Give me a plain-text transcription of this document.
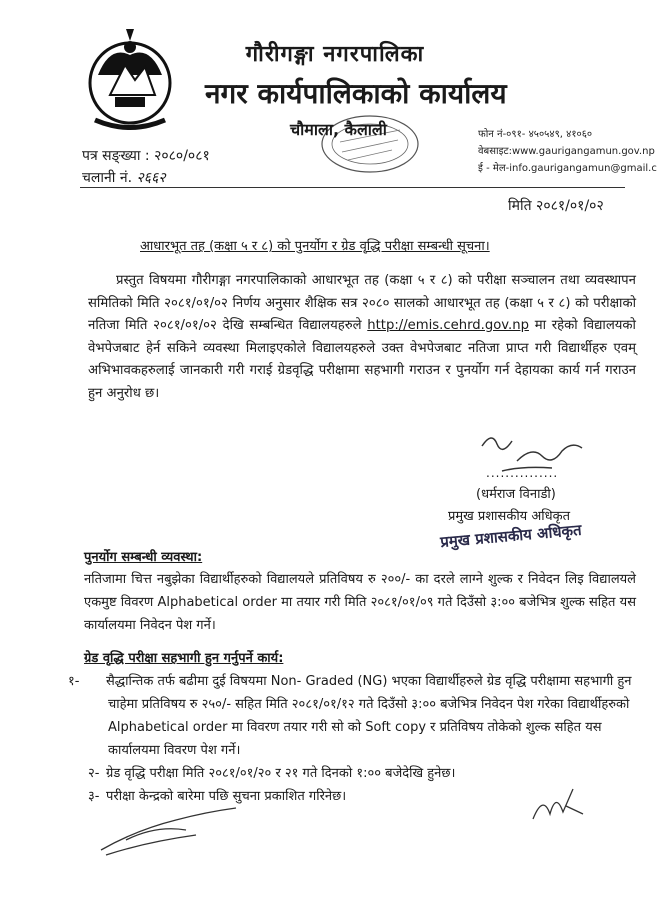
गौरीगङ्गा नगरपालिका
नगर कार्यपालिकाको कार्यालय
चौमाला, कैलाली	फोन नं-०९१- ४५०५४९, ४१०६०
वेबसाइट:www.gaurigangamun.gov.np
ई - मेल-info.gaurigangamun@gmail.c
पत्र सङ्ख्या : २०८०/०८१
चलानी नं. २६६२
मिति २०८१/०१/०२
आधारभूत तह (कक्षा ५ र ८) को पुनर्योग र ग्रेड वृद्धि परीक्षा सम्बन्धी सूचना।
प्रस्तुत विषयमा गौरीगङ्गा नगरपालिकाको आधारभूत तह (कक्षा ५ र ८) को परीक्षा सञ्चालन तथा व्यवस्थापन समितिको मिति २०८१/०१/०२ निर्णय अनुसार शैक्षिक सत्र २०८० सालको आधारभूत तह (कक्षा ५ र ८) को परीक्षाको नतिजा मिति २०८१/०१/०२ देखि सम्बन्धित विद्यालयहरुले http://emis.cehrd.gov.np मा रहेको विद्यालयको वेभपेजबाट हेर्न सकिने व्यवस्था मिलाइएकोले विद्यालयहरुले उक्त वेभपेजबाट नतिजा प्राप्त गरी विद्यार्थीहरु एवम् अभिभावकहरुलाई जानकारी गरी गराई ग्रेडवृद्धि परीक्षामा सहभागी गराउन र पुनर्योग गर्न देहायका कार्य गर्न गराउन हुन अनुरोध छ।
...............
(धर्मराज विनाडी)
प्रमुख प्रशासकीय अधिकृत
प्रमुख प्रशासकीय अधिकृत
पुनर्योग सम्बन्धी व्यवस्था:
नतिजामा चित्त नबुझेका विद्यार्थीहरुको विद्यालयले प्रतिविषय रु २००/- का दरले लाग्ने शुल्क र निवेदन लिइ विद्यालयले एकमुष्ट विवरण Alphabetical order मा तयार गरी मिति २०८१/०१/०९ गते दिउँसो ३:०० बजेभित्र शुल्क सहित यस कार्यालयमा निवेदन पेश गर्ने।
ग्रेड वृद्धि परीक्षा सहभागी हुन गर्नुपर्ने कार्य:
१- सैद्धान्तिक तर्फ बढीमा दुई विषयमा Non- Graded (NG) भएका विद्यार्थीहरुले ग्रेड वृद्धि परीक्षामा सहभागी हुन चाहेमा प्रतिविषय रु २५०/- सहित मिति २०८१/०१/१२ गते दिउँसो ३:०० बजेभित्र निवेदन पेश गरेका विद्यार्थीहरुको Alphabetical order मा विवरण तयार गरी सो को Soft copy र प्रतिविषय तोकेको शुल्क सहित यस कार्यालयमा विवरण पेश गर्ने।
२- ग्रेड वृद्धि परीक्षा मिति २०८१/०१/२० र २१ गते दिनको १:०० बजेदेखि हुनेछ।
३- परीक्षा केन्द्रको बारेमा पछि सुचना प्रकाशित गरिनेछ।
